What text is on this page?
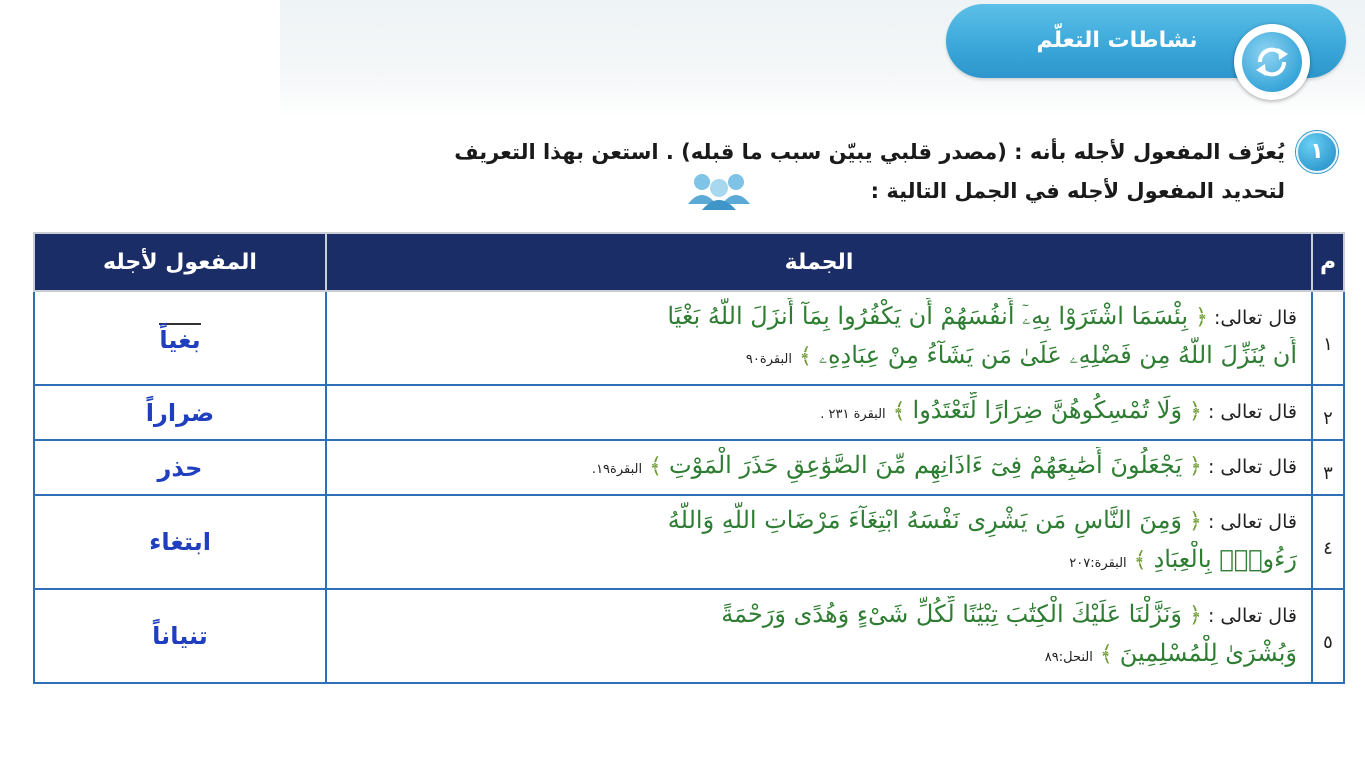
نشاطات التعلّم
١
يُعرَّف المفعول لأجله بأنه : (مصدر قلبي يبيّن سبب ما قبله) . استعن بهذا التعريف
لتحديد المفعول لأجله في الجمل التالية :
م	الجملة	المفعول لأجله
١	قال تعالى: ﴿ بِئْسَمَا اشْتَرَوْا بِهِۦٓ أَنفُسَهُمْ أَن يَكْفُرُوا بِمَآ أَنزَلَ اللَّهُ بَغْيًا
أَن يُنَزِّلَ اللَّهُ مِن فَضْلِهِۦ عَلَىٰ مَن يَشَآءُ مِنْ عِبَادِهِۦ ﴾ البقرة٩٠	بغياً
٢	قال تعالى : ﴿ وَلَا تُمْسِكُوهُنَّ ضِرَارًا لِّتَعْتَدُوا ﴾ البقرة ٢٣١ .	ضراراً
٣	قال تعالى : ﴿ يَجْعَلُونَ أَصَٰبِعَهُمْ فِىٓ ءَاذَانِهِم مِّنَ الصَّوَٰعِقِ حَذَرَ الْمَوْتِ ﴾ البقرة١٩.	حذر
٤	قال تعالى : ﴿ وَمِنَ النَّاسِ مَن يَشْرِى نَفْسَهُ ابْتِغَآءَ مَرْضَاتِ اللَّهِ وَاللَّهُ
رَءُوفٌۢ بِالْعِبَادِ ﴾ البقرة:٢٠٧	ابتغاء
٥	قال تعالى : ﴿ وَنَزَّلْنَا عَلَيْكَ الْكِتَٰبَ تِبْيَٰنًا لِّكُلِّ شَىْءٍ وَهُدًى وَرَحْمَةً
وَبُشْرَىٰ لِلْمُسْلِمِينَ ﴾ النحل:٨٩	تنياناً
